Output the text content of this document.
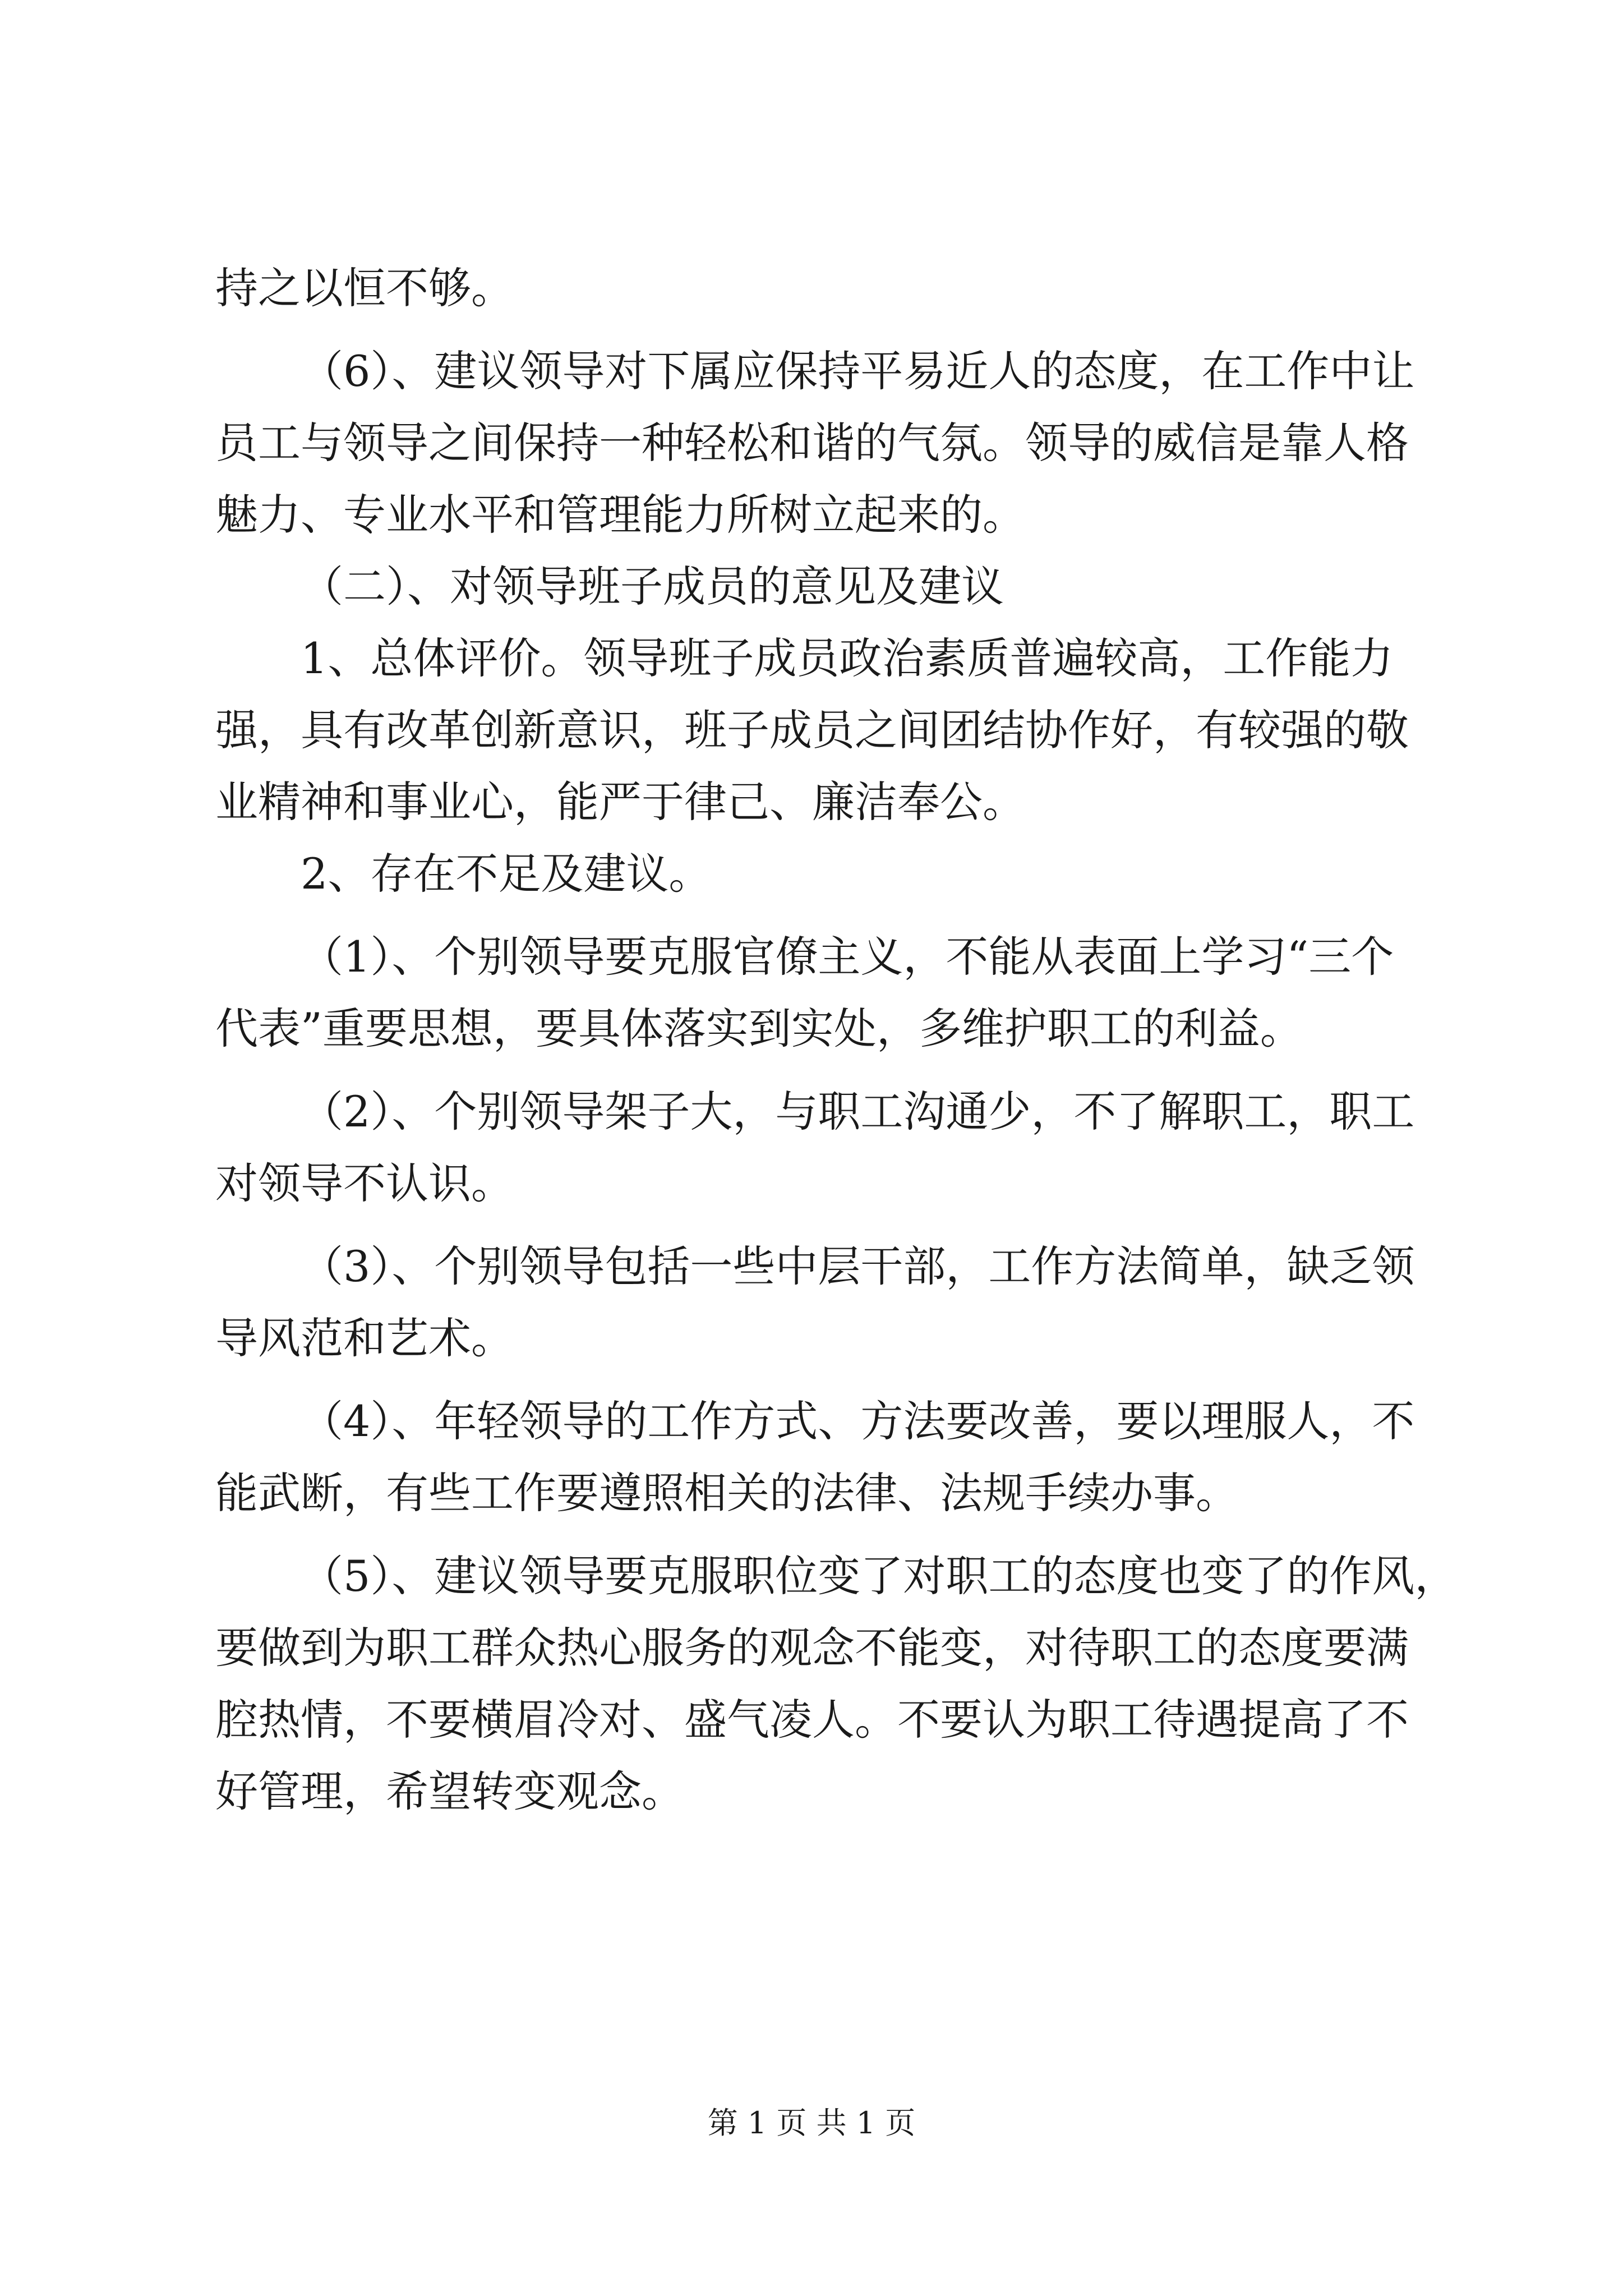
持之以恒不够。

（6）、建议领导对下属应保持平易近人的态度，在工作中让

员工与领导之间保持一种轻松和谐的气氛。领导的威信是靠人格

魅力、专业水平和管理能力所树立起来的。

（二）、对领导班子成员的意见及建议

1、总体评价。领导班子成员政治素质普遍较高，工作能力

强，具有改革创新意识，班子成员之间团结协作好，有较强的敬

业精神和事业心，能严于律己、廉洁奉公。

2、存在不足及建议。

（1）、个别领导要克服官僚主义，不能从表面上学习“三个

代表”重要思想，要具体落实到实处，多维护职工的利益。

（2）、个别领导架子大，与职工沟通少，不了解职工，职工

对领导不认识。

（3）、个别领导包括一些中层干部，工作方法简单，缺乏领

导风范和艺术。

（4）、年轻领导的工作方式、方法要改善，要以理服人，不

能武断，有些工作要遵照相关的法律、法规手续办事。

（5）、建议领导要克服职位变了对职工的态度也变了的作风，

要做到为职工群众热心服务的观念不能变，对待职工的态度要满

腔热情，不要横眉冷对、盛气凌人。不要认为职工待遇提高了不

好管理，希望转变观念。

第 1 页 共 1 页
